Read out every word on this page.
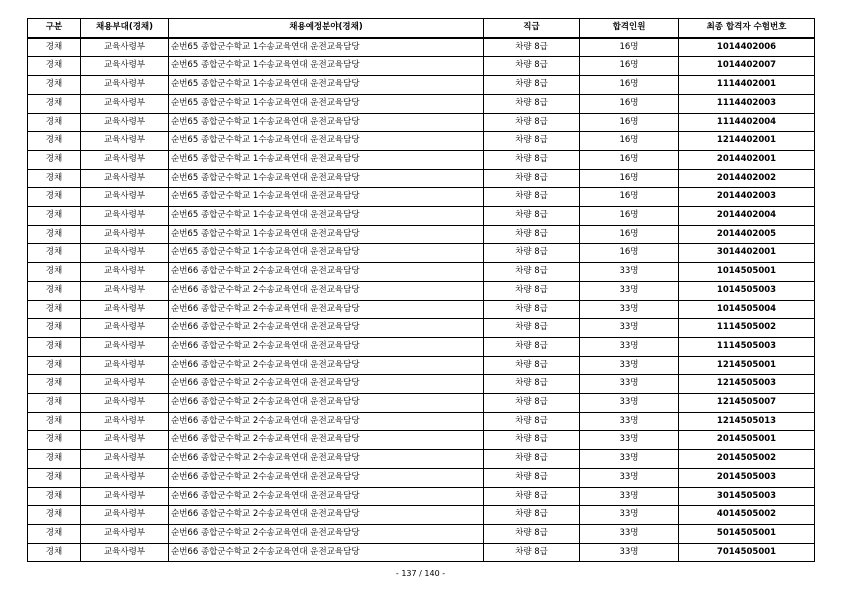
구분	채용부대(경채)	채용예정분야(경채)	직급	합격인원	최종 합격자 수험번호
경채	교육사령부	순번65 종합군수학교 1수송교육연대 운전교육담당	차량 8급	16명	1014402006
경채	교육사령부	순번65 종합군수학교 1수송교육연대 운전교육담당	차량 8급	16명	1014402007
경채	교육사령부	순번65 종합군수학교 1수송교육연대 운전교육담당	차량 8급	16명	1114402001
경채	교육사령부	순번65 종합군수학교 1수송교육연대 운전교육담당	차량 8급	16명	1114402003
경채	교육사령부	순번65 종합군수학교 1수송교육연대 운전교육담당	차량 8급	16명	1114402004
경채	교육사령부	순번65 종합군수학교 1수송교육연대 운전교육담당	차량 8급	16명	1214402001
경채	교육사령부	순번65 종합군수학교 1수송교육연대 운전교육담당	차량 8급	16명	2014402001
경채	교육사령부	순번65 종합군수학교 1수송교육연대 운전교육담당	차량 8급	16명	2014402002
경채	교육사령부	순번65 종합군수학교 1수송교육연대 운전교육담당	차량 8급	16명	2014402003
경채	교육사령부	순번65 종합군수학교 1수송교육연대 운전교육담당	차량 8급	16명	2014402004
경채	교육사령부	순번65 종합군수학교 1수송교육연대 운전교육담당	차량 8급	16명	2014402005
경채	교육사령부	순번65 종합군수학교 1수송교육연대 운전교육담당	차량 8급	16명	3014402001
경채	교육사령부	순번66 종합군수학교 2수송교육연대 운전교육담당	차량 8급	33명	1014505001
경채	교육사령부	순번66 종합군수학교 2수송교육연대 운전교육담당	차량 8급	33명	1014505003
경채	교육사령부	순번66 종합군수학교 2수송교육연대 운전교육담당	차량 8급	33명	1014505004
경채	교육사령부	순번66 종합군수학교 2수송교육연대 운전교육담당	차량 8급	33명	1114505002
경채	교육사령부	순번66 종합군수학교 2수송교육연대 운전교육담당	차량 8급	33명	1114505003
경채	교육사령부	순번66 종합군수학교 2수송교육연대 운전교육담당	차량 8급	33명	1214505001
경채	교육사령부	순번66 종합군수학교 2수송교육연대 운전교육담당	차량 8급	33명	1214505003
경채	교육사령부	순번66 종합군수학교 2수송교육연대 운전교육담당	차량 8급	33명	1214505007
경채	교육사령부	순번66 종합군수학교 2수송교육연대 운전교육담당	차량 8급	33명	1214505013
경채	교육사령부	순번66 종합군수학교 2수송교육연대 운전교육담당	차량 8급	33명	2014505001
경채	교육사령부	순번66 종합군수학교 2수송교육연대 운전교육담당	차량 8급	33명	2014505002
경채	교육사령부	순번66 종합군수학교 2수송교육연대 운전교육담당	차량 8급	33명	2014505003
경채	교육사령부	순번66 종합군수학교 2수송교육연대 운전교육담당	차량 8급	33명	3014505003
경채	교육사령부	순번66 종합군수학교 2수송교육연대 운전교육담당	차량 8급	33명	4014505002
경채	교육사령부	순번66 종합군수학교 2수송교육연대 운전교육담당	차량 8급	33명	5014505001
경채	교육사령부	순번66 종합군수학교 2수송교육연대 운전교육담당	차량 8급	33명	7014505001
- 137 / 140 -
